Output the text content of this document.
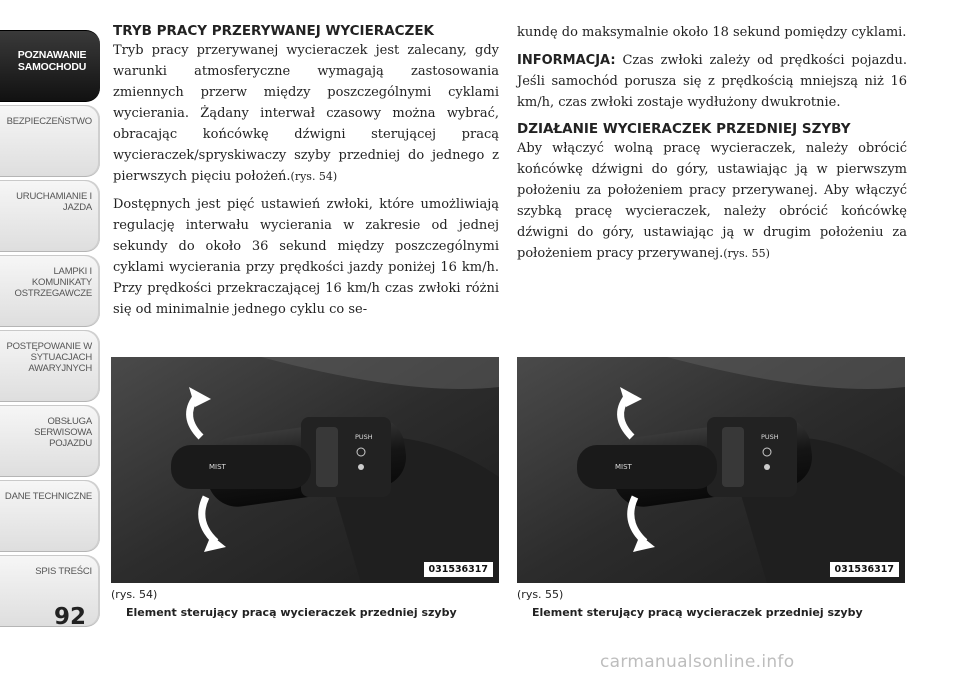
POZNAWANIE SAMOCHODU
BEZPIECZEŃSTWO
URUCHAMIANIE I JAZDA
LAMPKI I KOMUNIKATY OSTRZEGAWCZE
POSTĘPOWANIE W SYTUACJACH AWARYJNYCH
OBSŁUGA SERWISOWA POJAZDU
DANE TECHNICZNE
SPIS TREŚCI
92

TRYB PRACY PRZERYWANEJ WYCIERACZEK

Tryb pracy przerywanej wycieraczek jest zalecany, gdy warunki atmosferyczne wymagają zastosowania zmiennych przerw między poszczególnymi cyklami wycierania. Żądany interwał czasowy można wybrać, obracając końcówkę dźwigni sterującej pracą wycieraczek/spryskiwaczy szyby przedniej do jednego z pierwszych pięciu położeń.(rys. 54)

Dostępnych jest pięć ustawień zwłoki, które umożliwiają regulację interwału wycierania w zakresie od jednej sekundy do około 36 sekund między poszczególnymi cyklami wycierania przy prędkości jazdy poniżej 16 km/h. Przy prędkości przekraczającej 16 km/h czas zwłoki różni się od minimalnie jednego cyklu co se-

kundę do maksymalnie około 18 sekund pomiędzy cyklami.

INFORMACJA: Czas zwłoki zależy od prędkości pojazdu. Jeśli samochód porusza się z prędkością mniejszą niż 16 km/h, czas zwłoki zostaje wydłużony dwukrotnie.

DZIAŁANIE WYCIERACZEK PRZEDNIEJ SZYBY

Aby włączyć wolną pracę wycieraczek, należy obrócić końcówkę dźwigni do góry, ustawiając ją w pierwszym położeniu za położeniem pracy przerywanej. Aby włączyć szybką pracę wycieraczek, należy obrócić końcówkę dźwigni do góry, ustawiając ją w drugim położeniu za położeniem pracy przerywanej.(rys. 55)

MIST
PUSH
031536317
(rys. 54)
Element sterujący pracą wycieraczek przedniej szyby
MIST
PUSH
031536317
(rys. 55)
Element sterujący pracą wycieraczek przedniej szyby
carmanualsonline.info
